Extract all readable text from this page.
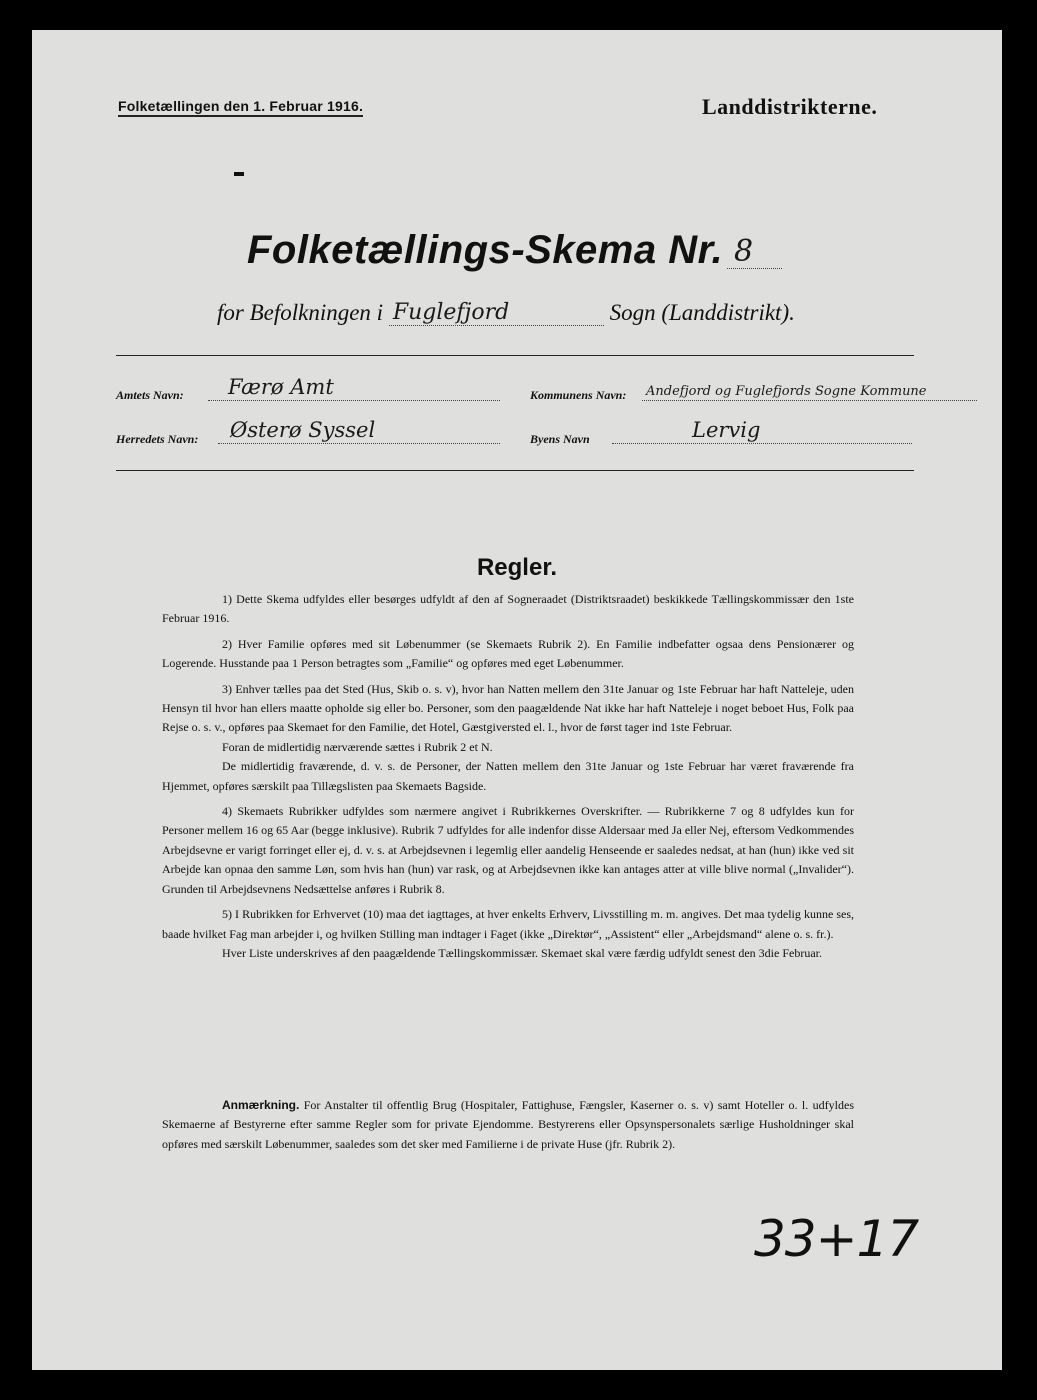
Folketællingen den 1. Februar 1916.	Landdistrikterne.
Folketællings-Skema Nr. 8
for Befolkningen i Fuglefjord	Sogn (Landdistrikt).
Amtets Navn: Færø Amt	Kommunens Navn: Andefjord og Fuglefjords Sogne Kommune
Herredets Navn: Østerø Syssel	Byens Navn	Lervig
Regler.

1) Dette Skema udfyldes eller besørges udfyldt af den af Sogneraadet (Distriktsraadet) beskikkede Tællingskommissær den 1ste Februar 1916.

2) Hver Familie opføres med sit Løbenummer (se Skemaets Rubrik 2). En Familie indbefatter ogsaa dens Pensionærer og Logerende. Husstande paa 1 Person betragtes som „Familie“ og opføres med eget Løbenummer.

3) Enhver tælles paa det Sted (Hus, Skib o. s. v), hvor han Natten mellem den 31te Januar og 1ste Februar har haft Natteleje, uden Hensyn til hvor han ellers maatte opholde sig eller bo. Personer, som den paagældende Nat ikke har haft Natteleje i noget beboet Hus, Folk paa Rejse o. s. v., opføres paa Skemaet for den Familie, det Hotel, Gæstgiversted el. l., hvor de først tager ind 1ste Februar.

Foran de midlertidig nærværende sættes i Rubrik 2 et N.

De midlertidig fraværende, d. v. s. de Personer, der Natten mellem den 31te Januar og 1ste Februar har været fraværende fra Hjemmet, opføres særskilt paa Tillægslisten paa Skemaets Bagside.

4) Skemaets Rubrikker udfyldes som nærmere angivet i Rubrikkernes Overskrifter. — Rubrikkerne 7 og 8 udfyldes kun for Personer mellem 16 og 65 Aar (begge inklusive). Rubrik 7 udfyldes for alle indenfor disse Aldersaar med Ja eller Nej, eftersom Vedkommendes Arbejdsevne er varigt forringet eller ej, d. v. s. at Arbejdsevnen i legemlig eller aandelig Henseende er saaledes nedsat, at han (hun) ikke ved sit Arbejde kan opnaa den samme Løn, som hvis han (hun) var rask, og at Arbejdsevnen ikke kan antages atter at ville blive normal („Invalider“). Grunden til Arbejdsevnens Nedsættelse anføres i Rubrik 8.

5) I Rubrikken for Erhvervet (10) maa det iagttages, at hver enkelts Erhverv, Livsstilling m. m. angives. Det maa tydelig kunne ses, baade hvilket Fag man arbejder i, og hvilken Stilling man indtager i Faget (ikke „Direktør“, „Assistent“ eller „Arbejdsmand“ alene o. s. fr.).

Hver Liste underskrives af den paagældende Tællingskommissær. Skemaet skal være færdig udfyldt senest den 3die Februar.

Anmærkning. For Anstalter til offentlig Brug (Hospitaler, Fattighuse, Fængsler, Kaserner o. s. v) samt Hoteller o. l. udfyldes Skemaerne af Bestyrerne efter samme Regler som for private Ejendomme. Bestyrerens eller Opsynspersonalets særlige Husholdninger skal opføres med særskilt Løbenummer, saaledes som det sker med Familierne i de private Huse (jfr. Rubrik 2).

33+17
